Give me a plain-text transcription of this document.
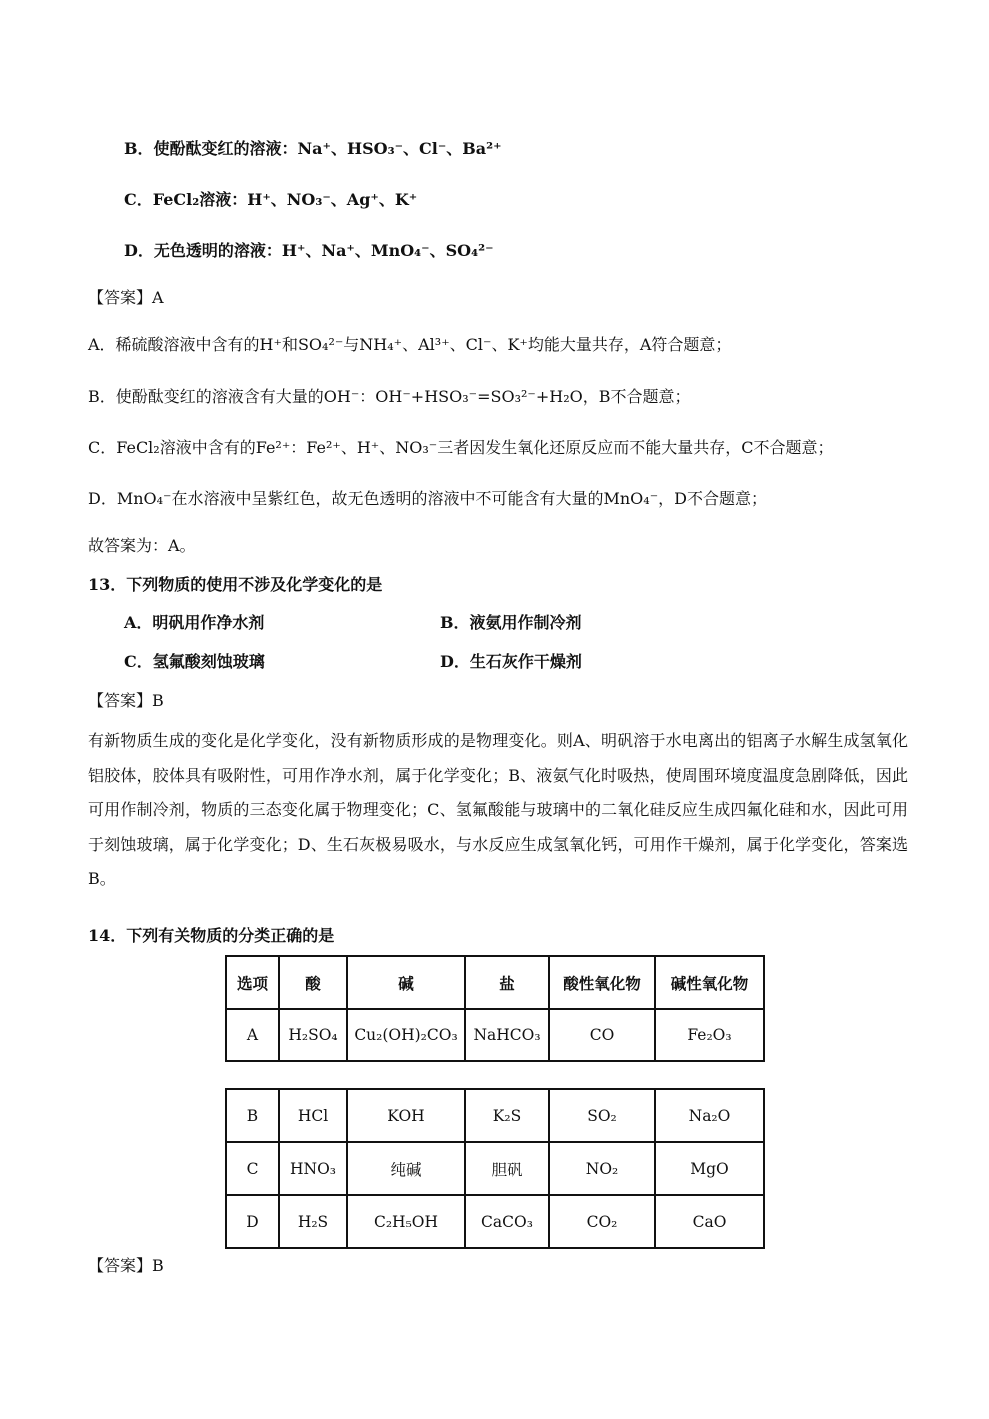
B．使酚酞变红的溶液：Na⁺、HSO₃⁻、Cl⁻、Ba²⁺
C．FeCl₂溶液：H⁺、NO₃⁻、Ag⁺、K⁺
D．无色透明的溶液：H⁺、Na⁺、MnO₄⁻、SO₄²⁻
【答案】A
A．稀硫酸溶液中含有的H⁺和SO₄²⁻与NH₄⁺、Al³⁺、Cl⁻、K⁺均能大量共存，A符合题意；
B．使酚酞变红的溶液含有大量的OH⁻：OH⁻+HSO₃⁻=SO₃²⁻+H₂O，B不合题意；
C．FeCl₂溶液中含有的Fe²⁺：Fe²⁺、H⁺、NO₃⁻三者因发生氧化还原反应而不能大量共存，C不合题意；
D．MnO₄⁻在水溶液中呈紫红色，故无色透明的溶液中不可能含有大量的MnO₄⁻，D不合题意；
故答案为：A。
13．下列物质的使用不涉及化学变化的是
A．明矾用作净水剂	B．液氨用作制冷剂
C．氢氟酸刻蚀玻璃	D．生石灰作干燥剂
【答案】B
有新物质生成的变化是化学变化，没有新物质形成的是物理变化。则A、明矾溶于水电离出的铝离子水解生成氢氧化铝胶体，胶体具有吸附性，可用作净水剂，属于化学变化；B、液氨气化时吸热，使周围环境度温度急剧降低，因此可用作制冷剂，物质的三态变化属于物理变化；C、氢氟酸能与玻璃中的二氧化硅反应生成四氟化硅和水，因此可用于刻蚀玻璃，属于化学变化；D、生石灰极易吸水，与水反应生成氢氧化钙，可用作干燥剂，属于化学变化，答案选B。
14．下列有关物质的分类正确的是
选项	酸	碱	盐	酸性氧化物	碱性氧化物
A	H₂SO₄	Cu₂(OH)₂CO₃	NaHCO₃	CO	Fe₂O₃
B	HCl	KOH	K₂S	SO₂	Na₂O
C	HNO₃	纯碱	胆矾	NO₂	MgO
D	H₂S	C₂H₅OH	CaCO₃	CO₂	CaO
【答案】B
